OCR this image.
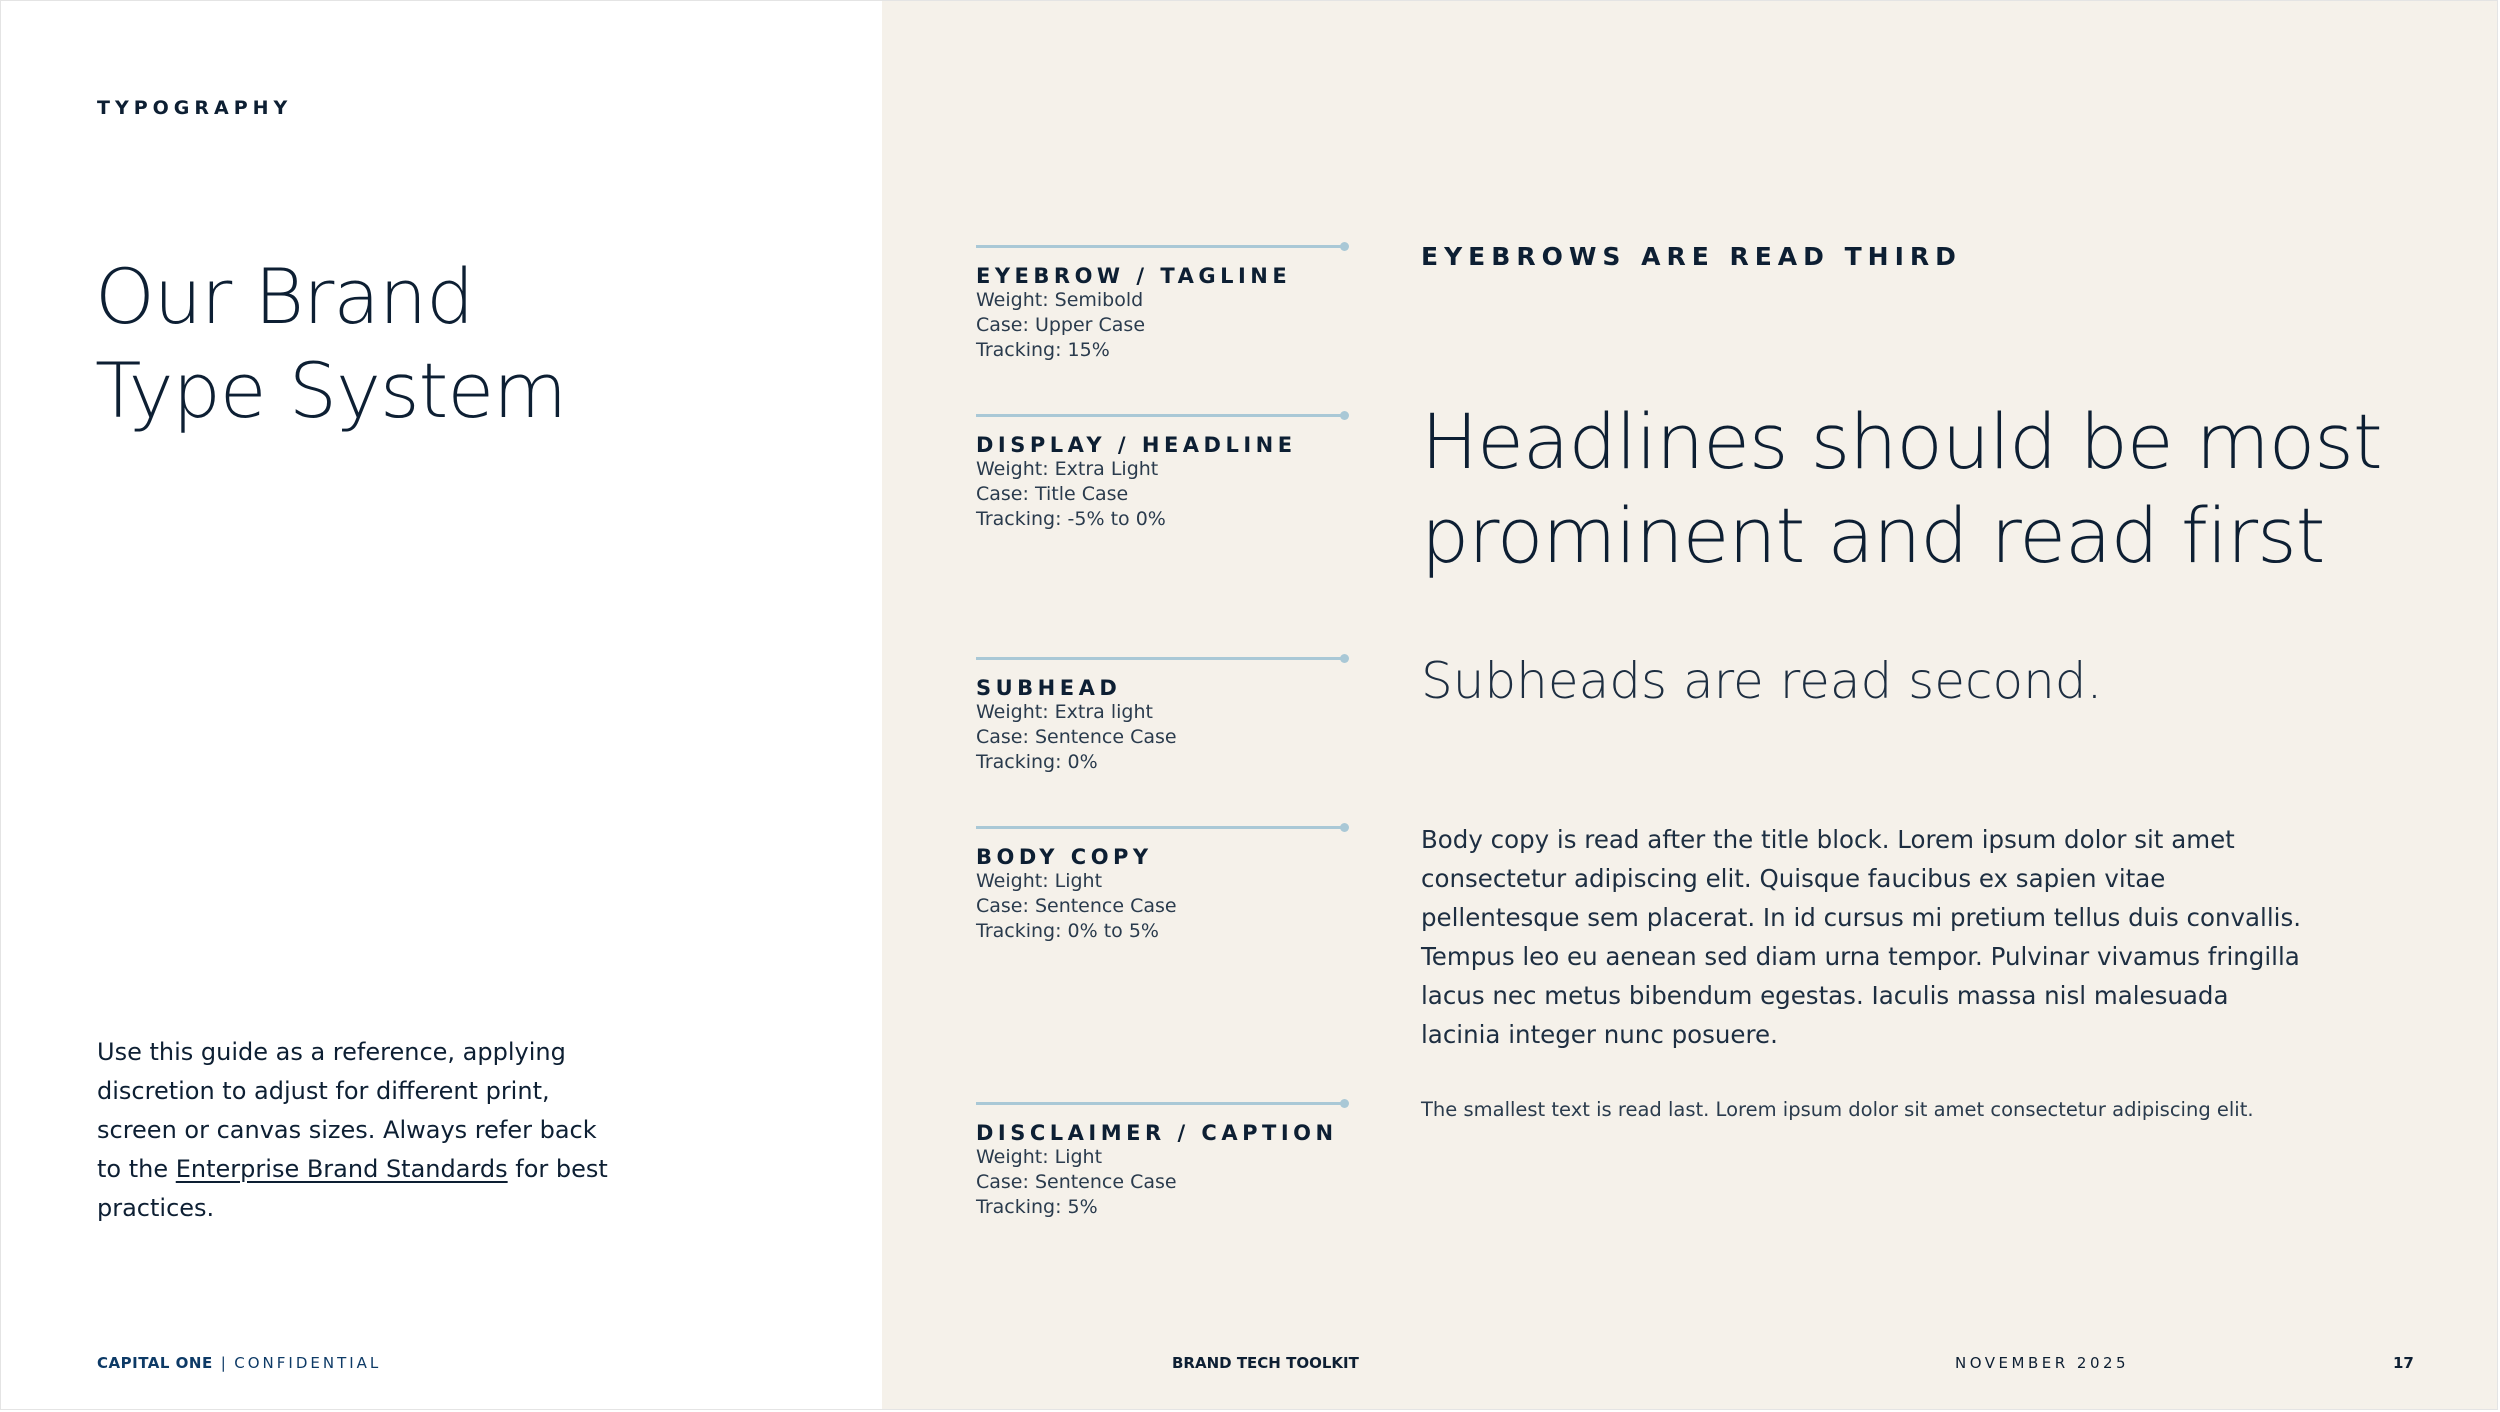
TYPOGRAPHY
Our Brand
Type System
Use this guide as a reference, applying discretion to adjust for different print, screen or canvas sizes. Always refer back to the Enterprise Brand Standards for best practices.
EYEBROW / TAGLINE
Weight: Semibold
Case: Upper Case
Tracking: 15%
DISPLAY / HEADLINE
Weight: Extra Light
Case: Title Case
Tracking: -5% to 0%
SUBHEAD
Weight: Extra light
Case: Sentence Case
Tracking: 0%
BODY COPY
Weight: Light
Case: Sentence Case
Tracking: 0% to 5%
DISCLAIMER / CAPTION
Weight: Light
Case: Sentence Case
Tracking: 5%
EYEBROWS ARE READ THIRD
Headlines should be most prominent and read first
Subheads are read second.

Body copy is read after the title block. Lorem ipsum dolor sit amet consectetur adipiscing elit. Quisque faucibus ex sapien vitae pellentesque sem placerat. In id cursus mi pretium tellus duis convallis. Tempus leo eu aenean sed diam urna tempor. Pulvinar vivamus fringilla lacus nec metus bibendum egestas. Iaculis massa nisl malesuada lacinia integer nunc posuere.

The smallest text is read last. Lorem ipsum dolor sit amet consectetur adipiscing elit.

CAPITAL ONE | CONFIDENTIAL	BRAND TECH TOOLKIT	NOVEMBER 2025	17
